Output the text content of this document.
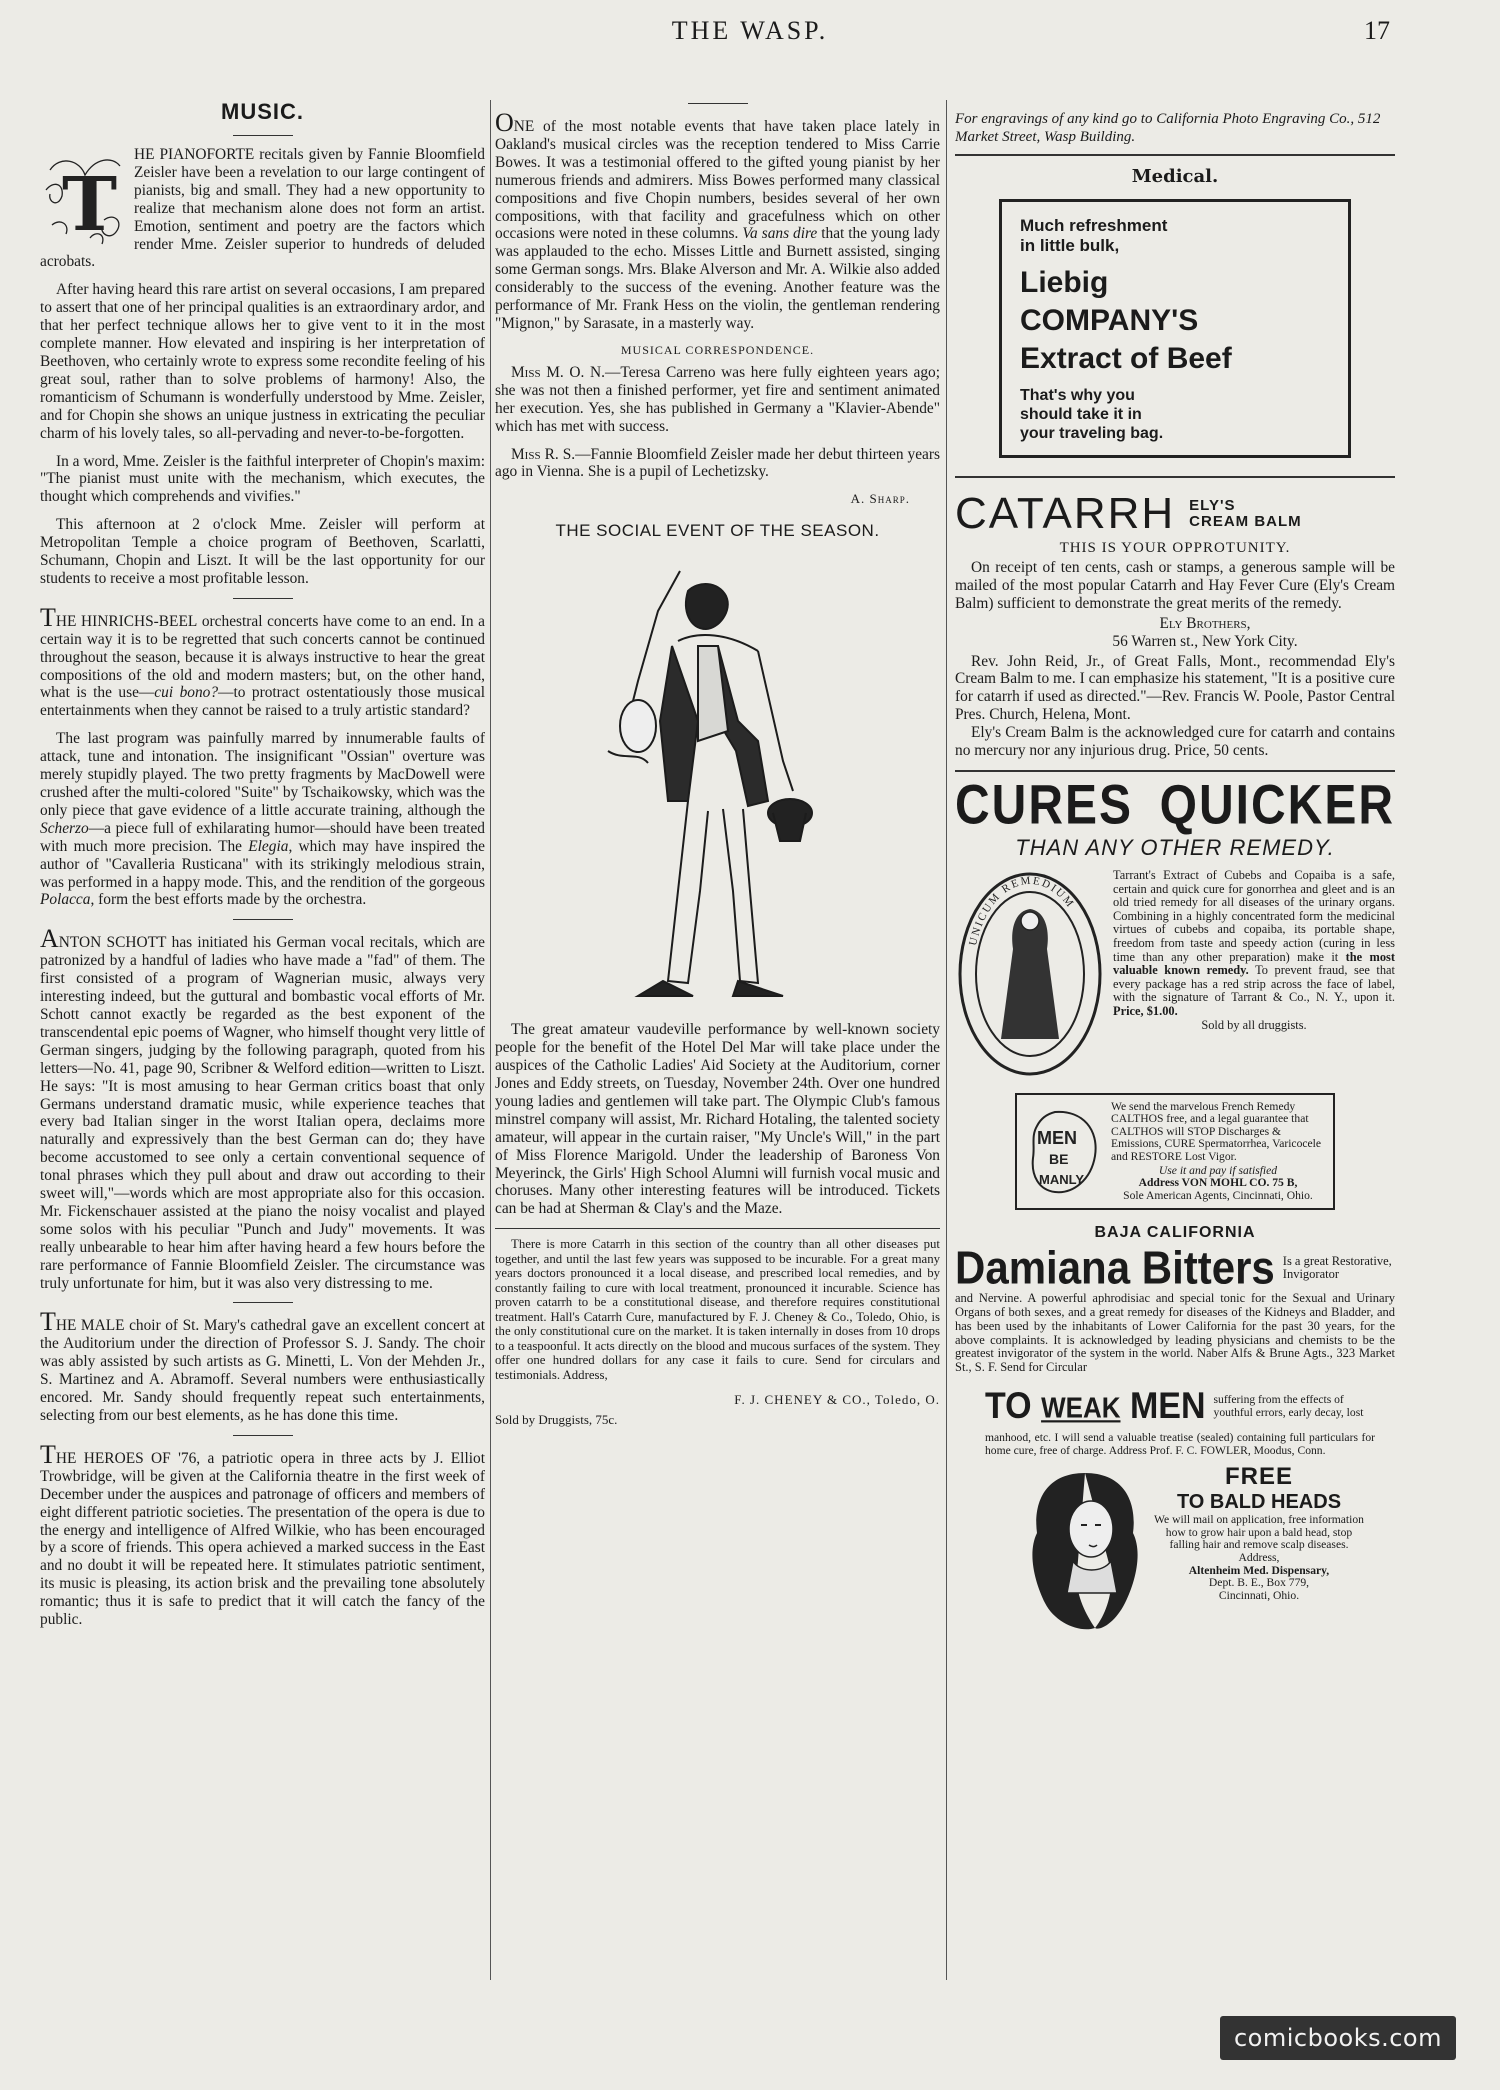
THE WASP.	17
MUSIC.
T

HE PIANOFORTE recitals given by Fannie Bloomfield Zeisler have been a revelation to our large contingent of pianists, big and small. They had a new opportunity to realize that mechanism alone does not form an artist. Emotion, sentiment and poetry are the factors which render Mme. Zeisler superior to hundreds of deluded acrobats.

After having heard this rare artist on several occasions, I am prepared to assert that one of her principal qualities is an extraordinary ardor, and that her perfect technique allows her to give vent to it in the most complete manner. How elevated and inspiring is her interpretation of Beethoven, who certainly wrote to express some recondite feeling of his great soul, rather than to solve problems of harmony! Also, the romanticism of Schumann is wonderfully understood by Mme. Zeisler, and for Chopin she shows an unique justness in extricating the peculiar charm of his lovely tales, so all-pervading and never-to-be-forgotten.

In a word, Mme. Zeisler is the faithful interpreter of Chopin's maxim: "The pianist must unite with the mechanism, which executes, the thought which comprehends and vivifies."

This afternoon at 2 o'clock Mme. Zeisler will perform at Metropolitan Temple a choice program of Beethoven, Scarlatti, Schumann, Chopin and Liszt. It will be the last opportunity for our students to receive a most profitable lesson.

THE HINRICHS-BEEL orchestral concerts have come to an end. In a certain way it is to be regretted that such concerts cannot be continued throughout the season, because it is always instructive to hear the great compositions of the old and modern masters; but, on the other hand, what is the use—cui bono?—to protract ostentatiously those musical entertainments when they cannot be raised to a truly artistic standard?

The last program was painfully marred by innumerable faults of attack, tune and intonation. The insignificant "Ossian" overture was merely stupidly played. The two pretty fragments by MacDowell were crushed after the multi-colored "Suite" by Tschaikowsky, which was the only piece that gave evidence of a little accurate training, although the Scherzo—a piece full of exhilarating humor—should have been treated with much more precision. The Elegia, which may have inspired the author of "Cavalleria Rusticana" with its strikingly melodious strain, was performed in a happy mode. This, and the rendition of the gorgeous Polacca, form the best efforts made by the orchestra.

ANTON SCHOTT has initiated his German vocal recitals, which are patronized by a handful of ladies who have made a "fad" of them. The first consisted of a program of Wagnerian music, always very interesting indeed, but the guttural and bombastic vocal efforts of Mr. Schott cannot exactly be regarded as the best exponent of the transcendental epic poems of Wagner, who himself thought very little of German singers, judging by the following paragraph, quoted from his letters—No. 41, page 90, Scribner & Welford edition—written to Liszt. He says: "It is most amusing to hear German critics boast that only Germans understand dramatic music, while experience teaches that every bad Italian singer in the worst Italian opera, declaims more naturally and expressively than the best German can do; they have become accustomed to see only a certain conventional sequence of tonal phrases which they pull about and draw out according to their sweet will,"—words which are most appropriate also for this occasion. Mr. Fickenschauer assisted at the piano the noisy vocalist and played some solos with his peculiar "Punch and Judy" movements. It was really unbearable to hear him after having heard a few hours before the rare performance of Fannie Bloomfield Zeisler. The circumstance was truly unfortunate for him, but it was also very distressing to me.

THE MALE choir of St. Mary's cathedral gave an excellent concert at the Auditorium under the direction of Professor S. J. Sandy. The choir was ably assisted by such artists as G. Minetti, L. Von der Mehden Jr., S. Martinez and A. Abramoff. Several numbers were enthusiastically encored. Mr. Sandy should frequently repeat such entertainments, selecting from our best elements, as he has done this time.

THE HEROES OF '76, a patriotic opera in three acts by J. Elliot Trowbridge, will be given at the California theatre in the first week of December under the auspices and patronage of officers and members of eight different patriotic societies. The presentation of the opera is due to the energy and intelligence of Alfred Wilkie, who has been encouraged by a score of friends. This opera achieved a marked success in the East and no doubt it will be repeated here. It stimulates patriotic sentiment, its music is pleasing, its action brisk and the prevailing tone absolutely romantic; thus it is safe to predict that it will catch the fancy of the public.

ONE of the most notable events that have taken place lately in Oakland's musical circles was the reception tendered to Miss Carrie Bowes. It was a testimonial offered to the gifted young pianist by her numerous friends and admirers. Miss Bowes performed many classical compositions and five Chopin numbers, besides several of her own compositions, with that facility and gracefulness which on other occasions were noted in these columns. Va sans dire that the young lady was applauded to the echo. Misses Little and Burnett assisted, singing some German songs. Mrs. Blake Alverson and Mr. A. Wilkie also added considerably to the success of the evening. Another feature was the performance of Mr. Frank Hess on the violin, the gentleman rendering "Mignon," by Sarasate, in a masterly way.

MUSICAL CORRESPONDENCE.

Miss M. O. N.—Teresa Carreno was here fully eighteen years ago; she was not then a finished performer, yet fire and sentiment animated her execution. Yes, she has published in Germany a "Klavier-Abende" which has met with success.

Miss R. S.—Fannie Bloomfield Zeisler made her debut thirteen years ago in Vienna. She is a pupil of Lechetizsky.

A. Sharp.
THE SOCIAL EVENT OF THE SEASON.

The great amateur vaudeville performance by well-known society people for the benefit of the Hotel Del Mar will take place under the auspices of the Catholic Ladies' Aid Society at the Auditorium, corner Jones and Eddy streets, on Tuesday, November 24th. Over one hundred young ladies and gentlemen will take part. The Olympic Club's famous minstrel company will assist, Mr. Richard Hotaling, the talented society amateur, will appear in the curtain raiser, "My Uncle's Will," in the part of Miss Florence Marigold. Under the leadership of Baroness Von Meyerinck, the Girls' High School Alumni will furnish vocal music and choruses. Many other interesting features will be introduced. Tickets can be had at Sherman & Clay's and the Maze.

There is more Catarrh in this section of the country than all other diseases put together, and until the last few years was supposed to be incurable. For a great many years doctors pronounced it a local disease, and prescribed local remedies, and by constantly failing to cure with local treatment, pronounced it incurable. Science has proven catarrh to be a constitutional disease, and therefore requires constitutional treatment. Hall's Catarrh Cure, manufactured by F. J. Cheney & Co., Toledo, Ohio, is the only constitutional cure on the market. It is taken internally in doses from 10 drops to a teaspoonful. It acts directly on the blood and mucous surfaces of the system. They offer one hundred dollars for any case it fails to cure. Send for circulars and testimonials. Address,

F. J. CHENEY & CO., Toledo, O.
Sold by Druggists, 75c.
For engravings of any kind go to California Photo Engraving Co., 512 Market Street, Wasp Building.
Medical.
Much refreshment
in little bulk,
Liebig
COMPANY'S
Extract of Beef
That's why you
should take it in
your traveling bag.
CATARRH ELY'S
CREAM BALM
THIS IS YOUR OPPROTUNITY.

On receipt of ten cents, cash or stamps, a generous sample will be mailed of the most popular Catarrh and Hay Fever Cure (Ely's Cream Balm) sufficient to demonstrate the great merits of the remedy.

Ely Brothers,

56 Warren st., New York City.

Rev. John Reid, Jr., of Great Falls, Mont., recommendad Ely's Cream Balm to me. I can emphasize his statement, "It is a positive cure for catarrh if used as directed."—Rev. Francis W. Poole, Pastor Central Pres. Church, Helena, Mont.

Ely's Cream Balm is the acknowledged cure for catarrh and contains no mercury nor any injurious drug. Price, 50 cents.

CURES QUICKER
THAN ANY OTHER REMEDY.
UNICUM REMEDIUM
Tarrant's Extract of Cubebs and Copaiba is a safe, certain and quick cure for gonorrhea and gleet and is an old tried remedy for all diseases of the urinary organs. Combining in a highly concentrated form the medicinal virtues of cubebs and copaiba, its portable shape, freedom from taste and speedy action (curing in less time than any other preparation) make it the most valuable known remedy. To prevent fraud, see that every package has a red strip across the face of label, with the signature of Tarrant & Co., N. Y., upon it. Price, $1.00.
Sold by all druggists.
MEN
BE
MANLY
We send the marvelous French Remedy CALTHOS free, and a legal guarantee that CALTHOS will STOP Discharges & Emissions, CURE Spermatorrhea, Varicocele and RESTORE Lost Vigor.
Use it and pay if satisfied
Address VON MOHL CO. 75 B,
Sole American Agents, Cincinnati, Ohio.
BAJA CALIFORNIA
Damiana Bitters Is a great Restorative, Invigorator
and Nervine. A powerful aphrodisiac and special tonic for the Sexual and Urinary Organs of both sexes, and a great remedy for diseases of the Kidneys and Bladder, and has been used by the inhabitants of Lower California for the past 30 years, for the above complaints. It is acknowledged by leading physicians and chemists to be the greatest invigorator of the system in the world. Naber Alfs & Brune Agts., 323 Market St., S. F. Send for Circular
TO WEAK MEN suffering from the effects of youthful errors, early decay, lost
manhood, etc. I will send a valuable treatise (sealed) containing full particulars for home cure, free of charge. Address Prof. F. C. FOWLER, Moodus, Conn.
FREE
TO BALD HEADS
We will mail on application, free information how to grow hair upon a bald head, stop falling hair and remove scalp diseases. Address,
Altenheim Med. Dispensary,
Dept. B. E., Box 779,
Cincinnati, Ohio.
comicbooks.com
